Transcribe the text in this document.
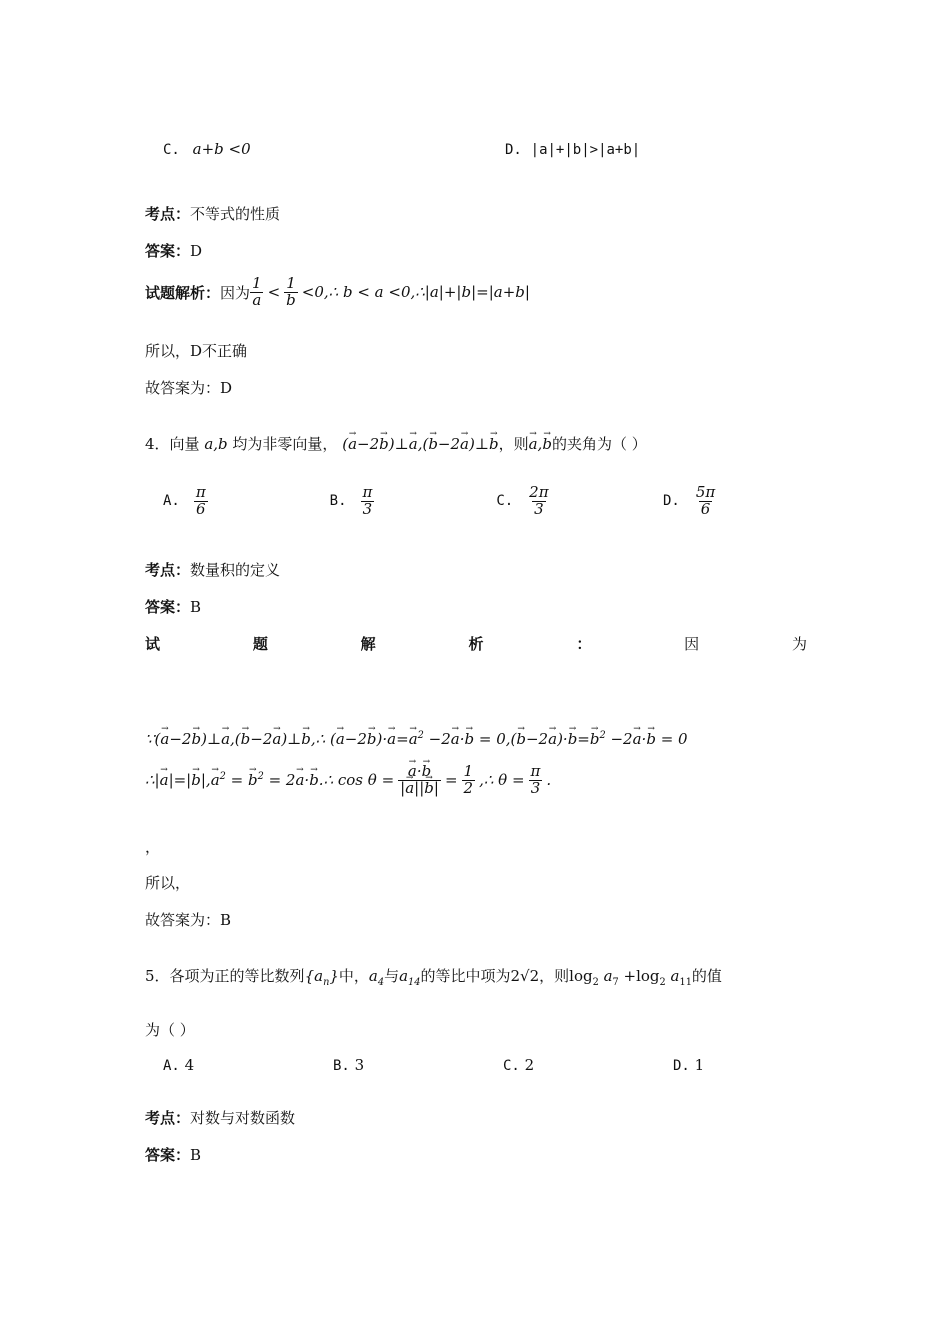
C. a+b <0	D. |a|+|b|>|a+b|
考点：不等式的性质
答案：D
试题解析： 因为 $\frac{1}{a} < \frac{1}{b}$ <0,∴ b < a <0,∴|a|+|b|=|a+b|
所以，D不正确
故答案为：D
4．向量 a,b 均为非零向量， (→ a−2→ b)⊥→ a,(→ b−2→ a)⊥→ b，则→ a,→ b的夹角为（ ）
A. $\frac{\pi}{6}$	B. $\frac{\pi}{3}$	C. $\frac{2\pi}{3}$	D. $\frac{5\pi}{6}$
考点：数量积的定义
答案：B
试	题	解	析	：	因	为
∵(→ a−2→ b)⊥→ a,(→ b−2→ a)⊥→ b,∴ (→ $a-2\to b)\cdot\to a=\to a^2 -2\to a\cdot\to b = 0,(\to b-2\to a)\cdot\to b=\to b^2 -2\to a\cdot\to b = 0$
∴|→ $a|=|\to b|,\to a^2$ = → $b^2 = 2\to a\cdot\to$ b.∴ cos θ =
→ $\frac{a\cdot\to b}{|\to a||\to b|} = \frac{1}{2}$ ,∴ $\theta = \frac{\pi}{3}$ .
，
所以，
故答案为：B
5．各项为正的等比数列$\{a_n\}$中，$a_4$与$a_{14}$的等比中项为2√2，则$\log_2 a_7 +\log_2$ $a_{11}$的值
为（ ）
A. 4	B. 3	C. 2	D. 1
考点：对数与对数函数
答案：B
